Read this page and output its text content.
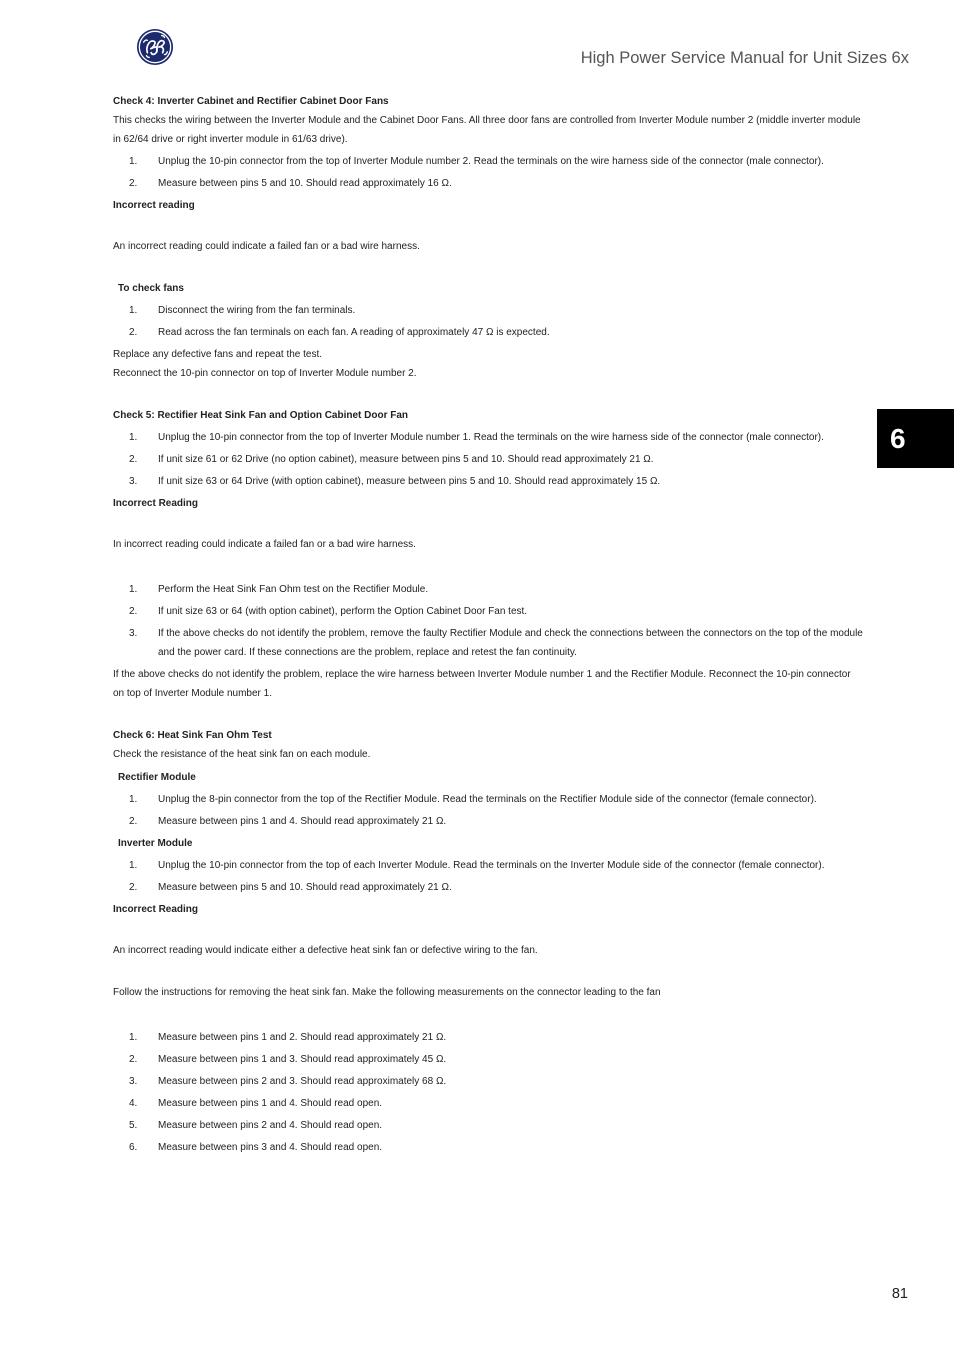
High Power Service Manual for Unit Sizes 6x
6
81

Check 4: Inverter Cabinet and Rectifier Cabinet Door Fans

This checks the wiring between the Inverter Module and the Cabinet Door Fans. All three door fans are controlled from Inverter Module number 2 (middle inverter module in 62/64 drive or right inverter module in 61/63 drive).

1. Unplug the 10-pin connector from the top of Inverter Module number 2. Read the terminals on the wire harness side of the connector (male connector).
2. Measure between pins 5 and 10. Should read approximately 16 Ω.

Incorrect reading

An incorrect reading could indicate a failed fan or a bad wire harness.

To check fans

1. Disconnect the wiring from the fan terminals.
2. Read across the fan terminals on each fan. A reading of approximately 47 Ω is expected.

Replace any defective fans and repeat the test.

Reconnect the 10-pin connector on top of Inverter Module number 2.

Check 5: Rectifier Heat Sink Fan and Option Cabinet Door Fan

1. Unplug the 10-pin connector from the top of Inverter Module number 1. Read the terminals on the wire harness side of the connector (male connector).
2. If unit size 61 or 62 Drive (no option cabinet), measure between pins 5 and 10. Should read approximately 21 Ω.
3. If unit size 63 or 64 Drive (with option cabinet), measure between pins 5 and 10. Should read approximately 15 Ω.

Incorrect Reading

In incorrect reading could indicate a failed fan or a bad wire harness.

1. Perform the Heat Sink Fan Ohm test on the Rectifier Module.
2. If unit size 63 or 64 (with option cabinet), perform the Option Cabinet Door Fan test.
3. If the above checks do not identify the problem, remove the faulty Rectifier Module and check the connections between the connectors on the top of the module and the power card. If these connections are the problem, replace and retest the fan continuity.

If the above checks do not identify the problem, replace the wire harness between Inverter Module number 1 and the Rectifier Module. Reconnect the 10-pin connector on top of Inverter Module number 1.

Check 6: Heat Sink Fan Ohm Test

Check the resistance of the heat sink fan on each module.

Rectifier Module

1. Unplug the 8-pin connector from the top of the Rectifier Module. Read the terminals on the Rectifier Module side of the connector (female connector).
2. Measure between pins 1 and 4. Should read approximately 21 Ω.

Inverter Module

1. Unplug the 10-pin connector from the top of each Inverter Module. Read the terminals on the Inverter Module side of the connector (female connector).
2. Measure between pins 5 and 10. Should read approximately 21 Ω.

Incorrect Reading

An incorrect reading would indicate either a defective heat sink fan or defective wiring to the fan.

Follow the instructions for removing the heat sink fan. Make the following measurements on the connector leading to the fan

1. Measure between pins 1 and 2. Should read approximately 21 Ω.
2. Measure between pins 1 and 3. Should read approximately 45 Ω.
3. Measure between pins 2 and 3. Should read approximately 68 Ω.
4. Measure between pins 1 and 4. Should read open.
5. Measure between pins 2 and 4. Should read open.
6. Measure between pins 3 and 4. Should read open.
